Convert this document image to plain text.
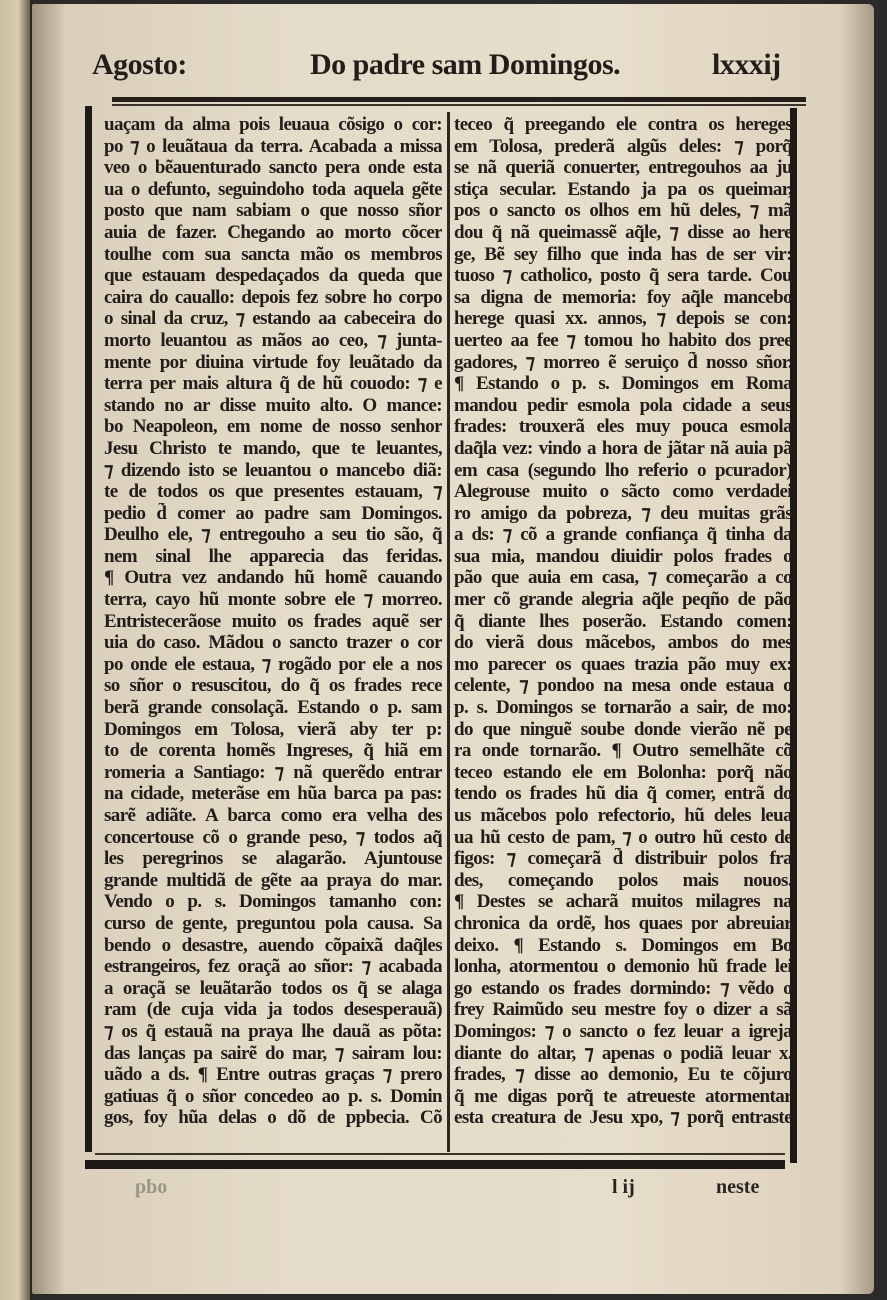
Agosto:	Do padre sam Domingos.	lxxxij
uaçam da alma pois leuaua cõsigo o cor:
po ⁊ o leuãtaua da terra. Acabada a missa
veo o bẽauenturado sancto pera onde esta
ua o defunto, seguindoho toda aquela gẽte
posto que nam sabiam o que nosso sñor
auia de fazer. Chegando ao morto cõcer
toulhe com sua sancta mão os membros
que estauam despedaçados da queda que
caira do cauallo: depois fez sobre ho corpo
o sinal da cruz, ⁊ estando aa cabeceira do
morto leuantou as mãos ao ceo, ⁊ junta-
mente por diuina virtude foy leuãtado da
terra per mais altura q̃ de hũ couodo: ⁊ e
stando no ar disse muito alto. O mance:
bo Neapoleon, em nome de nosso senhor
Jesu Christo te mando, que te leuantes,
⁊ dizendo isto se leuantou o mancebo diã:
te de todos os que presentes estauam, ⁊
pedio d̃ comer ao padre sam Domingos.
Deulho ele, ⁊ entregouho a seu tio são, q̃
nem sinal lhe apparecia das feridas.
¶ Outra vez andando hũ homẽ cauando
terra, cayo hũ monte sobre ele ⁊ morreo.
Entristecerãose muito os frades aquẽ ser
uia do caso. Mãdou o sancto trazer o cor
po onde ele estaua, ⁊ rogãdo por ele a nos
so sñor o resuscitou, do q̃ os frades rece
berã grande consolaçã. Estando o p. sam
Domingos em Tolosa, vierã aby ter p:
to de corenta homẽs Ingreses, q̃ hiã em
romeria a Santiago: ⁊ nã querẽdo entrar
na cidade, meterãse em hũa barca pa pas:
sarẽ adiãte. A barca como era velha des
concertouse cõ o grande peso, ⁊ todos aq̃
les peregrinos se alagarão. Ajuntouse
grande multidã de gẽte aa praya do mar.
Vendo o p. s. Domingos tamanho con:
curso de gente, preguntou pola causa. Sa
bendo o desastre, auendo cõpaixã daq̃les
estrangeiros, fez oraçã ao sñor: ⁊ acabada
a oraçã se leuãtarão todos os q̃ se alaga
ram (de cuja vida ja todos desesperauã)
⁊ os q̃ estauã na praya lhe dauã as põta:
das lanças pa sairẽ do mar, ⁊ sairam lou:
uãdo a ds. ¶ Entre outras graças ⁊ prero
gatiuas q̃ o sñor concedeo ao p. s. Domin
gos, foy hũa delas o dõ de ppbecia. Cõ
teceo q̃ preegando ele contra os hereges
em Tolosa, prederã algũs deles: ⁊ porq̃
se nã queriã conuerter, entregouhos aa ju
stiça secular. Estando ja pa os queimar,
pos o sancto os olhos em hũ deles, ⁊ mã
dou q̃ nã queimassẽ aq̃le, ⁊ disse ao here
ge, Bẽ sey filho que inda has de ser vir:
tuoso ⁊ catholico, posto q̃ sera tarde. Cou
sa digna de memoria: foy aq̃le mancebo
herege quasi xx. annos, ⁊ depois se con:
uerteo aa fee ⁊ tomou ho habito dos pree
gadores, ⁊ morreo ẽ seruiço d̃ nosso sñor.
¶ Estando o p. s. Domingos em Roma
mandou pedir esmola pola cidade a seus
frades: trouxerã eles muy pouca esmola
daq̃la vez: vindo a hora de jãtar nã auia pã
em casa (segundo lho referio o pcurador)
Alegrouse muito o sãcto como verdadei
ro amigo da pobreza, ⁊ deu muitas grãs
a ds: ⁊ cõ a grande confiança q̃ tinha da
sua mia, mandou diuidir polos frades o
pão que auia em casa, ⁊ começarão a co
mer cõ grande alegria aq̃le peqño de pão
q̃ diante lhes poserão. Estando comen:
do vierã dous mãcebos, ambos do mes
mo parecer os quaes trazia pão muy ex:
celente, ⁊ pondoo na mesa onde estaua o
p. s. Domingos se tornarão a sair, de mo:
do que ninguẽ soube donde vierão nẽ pe
ra onde tornarão. ¶ Outro semelhãte cõ
teceo estando ele em Bolonha: porq̃ não
tendo os frades hũ dia q̃ comer, entrã do
us mãcebos polo refectorio, hũ deles leua
ua hũ cesto de pam, ⁊ o outro hũ cesto de
figos: ⁊ começarã d̃ distribuir polos fra
des, começando polos mais nouos.
¶ Destes se acharã muitos milagres na
chronica da ordẽ, hos quaes por abreuiar
deixo. ¶ Estando s. Domingos em Bo
lonha, atormentou o demonio hũ frade lei
go estando os frades dormindo: ⁊ vẽdo o
frey Raimũdo seu mestre foy o dizer a sã
Domingos: ⁊ o sancto o fez leuar a igreja
diante do altar, ⁊ apenas o podiã leuar x.
frades, ⁊ disse ao demonio, Eu te cõjuro
q̃ me digas porq̃ te atreueste atormentar
esta creatura de Jesu xpo, ⁊ porq̃ entraste
odq	l ij	neste
